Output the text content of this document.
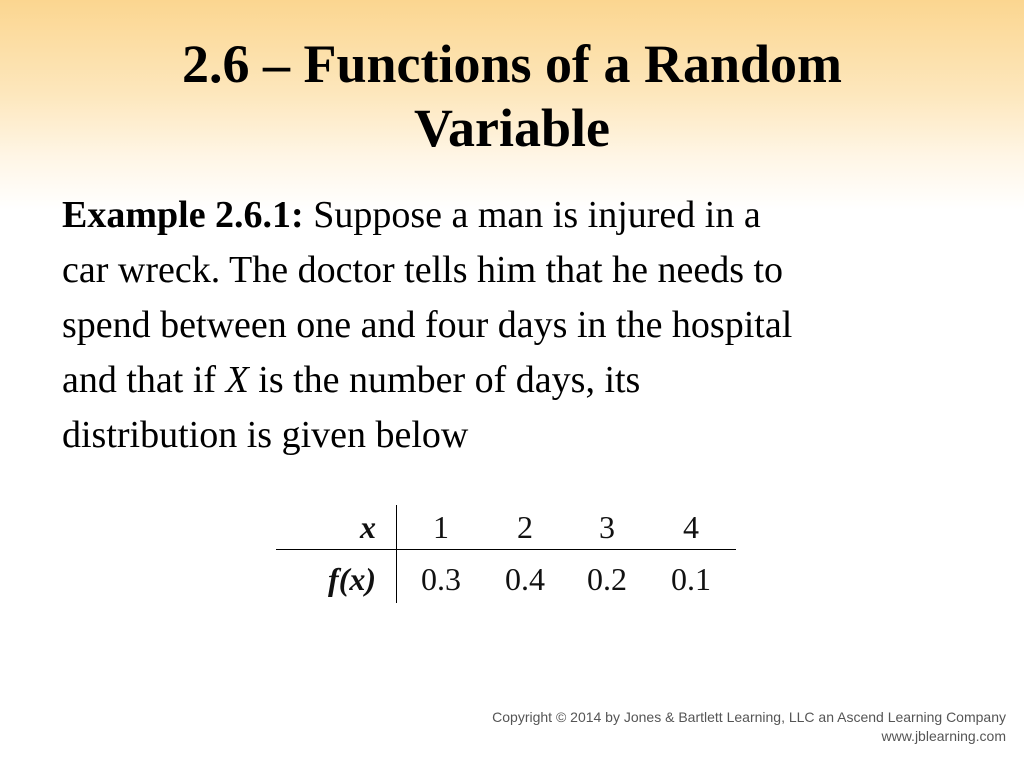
2.6 – Functions of a Random
Variable
Example 2.6.1: Suppose a man is injured in a
car wreck. The doctor tells him that he needs to
spend between one and four days in the hospital
and that if X is the number of days, its
distribution is given below
x	1	2	3	4
f(x)	0.3	0.4	0.2	0.1
Copyright © 2014 by Jones & Bartlett Learning, LLC an Ascend Learning Company
www.jblearning.com
